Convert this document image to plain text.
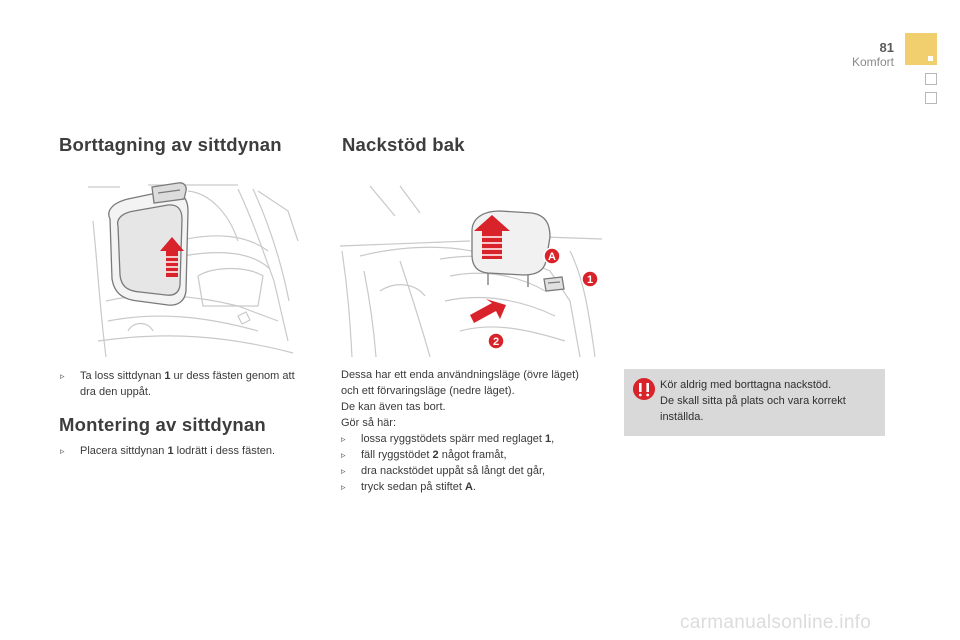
81
Komfort
Borttagning av sittdynan	Nackstöd bak
Montering av sittdynan
A
1
2
▹ Ta loss sittdynan 1 ur dess fästen genom att dra den uppåt.
▹ Placera sittdynan 1 lodrätt i dess fästen.
Dessa har ett enda användningsläge (övre läget) och ett förvaringsläge (nedre läget).
De kan även tas bort.
Gör så här:
▹ lossa ryggstödets spärr med reglaget 1,
▹ fäll ryggstödet 2 något framåt,
▹ dra nackstödet uppåt så långt det går,
▹ tryck sedan på stiftet A.
Kör aldrig med borttagna nackstöd.
De skall sitta på plats och vara korrekt inställda.
carmanualsonline.info
